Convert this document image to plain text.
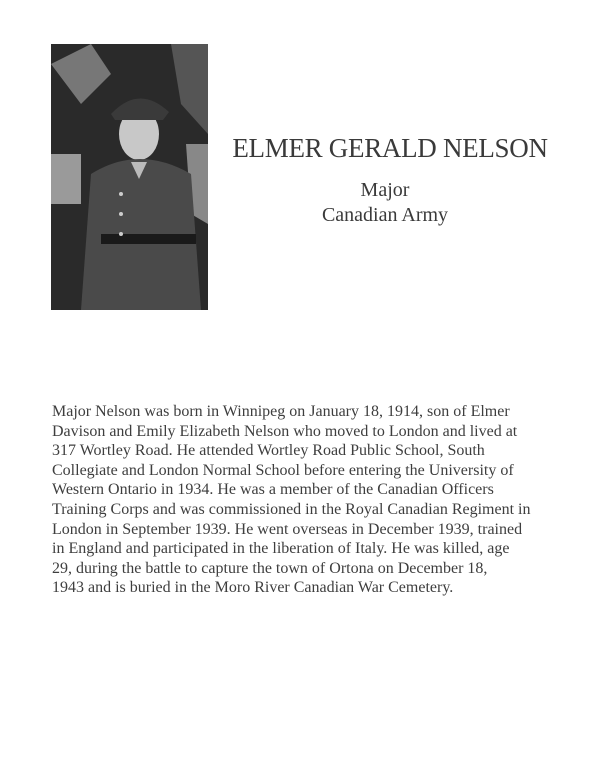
ELMER GERALD NELSON
Major
Canadian Army
Major Nelson was born in Winnipeg on January 18, 1914, son of Elmer
Davison and Emily Elizabeth Nelson who moved to London and lived at
317 Wortley Road. He attended Wortley Road Public School, South
Collegiate and London Normal School before entering the University of
Western Ontario in 1934. He was a member of the Canadian Officers
Training Corps and was commissioned in the Royal Canadian Regiment in
London in September 1939. He went overseas in December 1939, trained
in England and participated in the liberation of Italy. He was killed, age
29, during the battle to capture the town of Ortona on December 18,
1943 and is buried in the Moro River Canadian War Cemetery.
